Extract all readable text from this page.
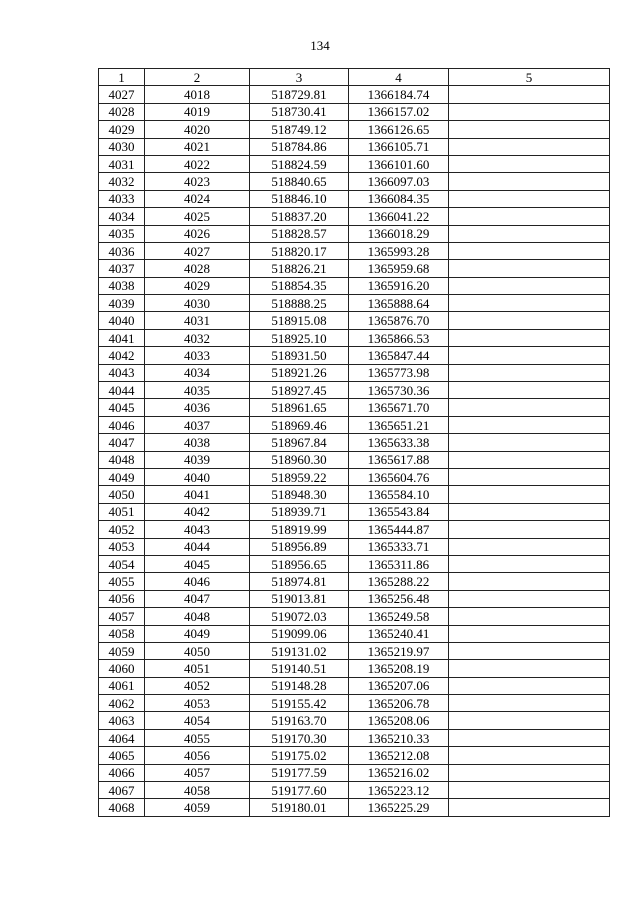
134
1	2	3	4	5
4027	4018	518729.81	1366184.74	
4028	4019	518730.41	1366157.02	
4029	4020	518749.12	1366126.65	
4030	4021	518784.86	1366105.71	
4031	4022	518824.59	1366101.60	
4032	4023	518840.65	1366097.03	
4033	4024	518846.10	1366084.35	
4034	4025	518837.20	1366041.22	
4035	4026	518828.57	1366018.29	
4036	4027	518820.17	1365993.28	
4037	4028	518826.21	1365959.68	
4038	4029	518854.35	1365916.20	
4039	4030	518888.25	1365888.64	
4040	4031	518915.08	1365876.70	
4041	4032	518925.10	1365866.53	
4042	4033	518931.50	1365847.44	
4043	4034	518921.26	1365773.98	
4044	4035	518927.45	1365730.36	
4045	4036	518961.65	1365671.70	
4046	4037	518969.46	1365651.21	
4047	4038	518967.84	1365633.38	
4048	4039	518960.30	1365617.88	
4049	4040	518959.22	1365604.76	
4050	4041	518948.30	1365584.10	
4051	4042	518939.71	1365543.84	
4052	4043	518919.99	1365444.87	
4053	4044	518956.89	1365333.71	
4054	4045	518956.65	1365311.86	
4055	4046	518974.81	1365288.22	
4056	4047	519013.81	1365256.48	
4057	4048	519072.03	1365249.58	
4058	4049	519099.06	1365240.41	
4059	4050	519131.02	1365219.97	
4060	4051	519140.51	1365208.19	
4061	4052	519148.28	1365207.06	
4062	4053	519155.42	1365206.78	
4063	4054	519163.70	1365208.06	
4064	4055	519170.30	1365210.33	
4065	4056	519175.02	1365212.08	
4066	4057	519177.59	1365216.02	
4067	4058	519177.60	1365223.12	
4068	4059	519180.01	1365225.29	
